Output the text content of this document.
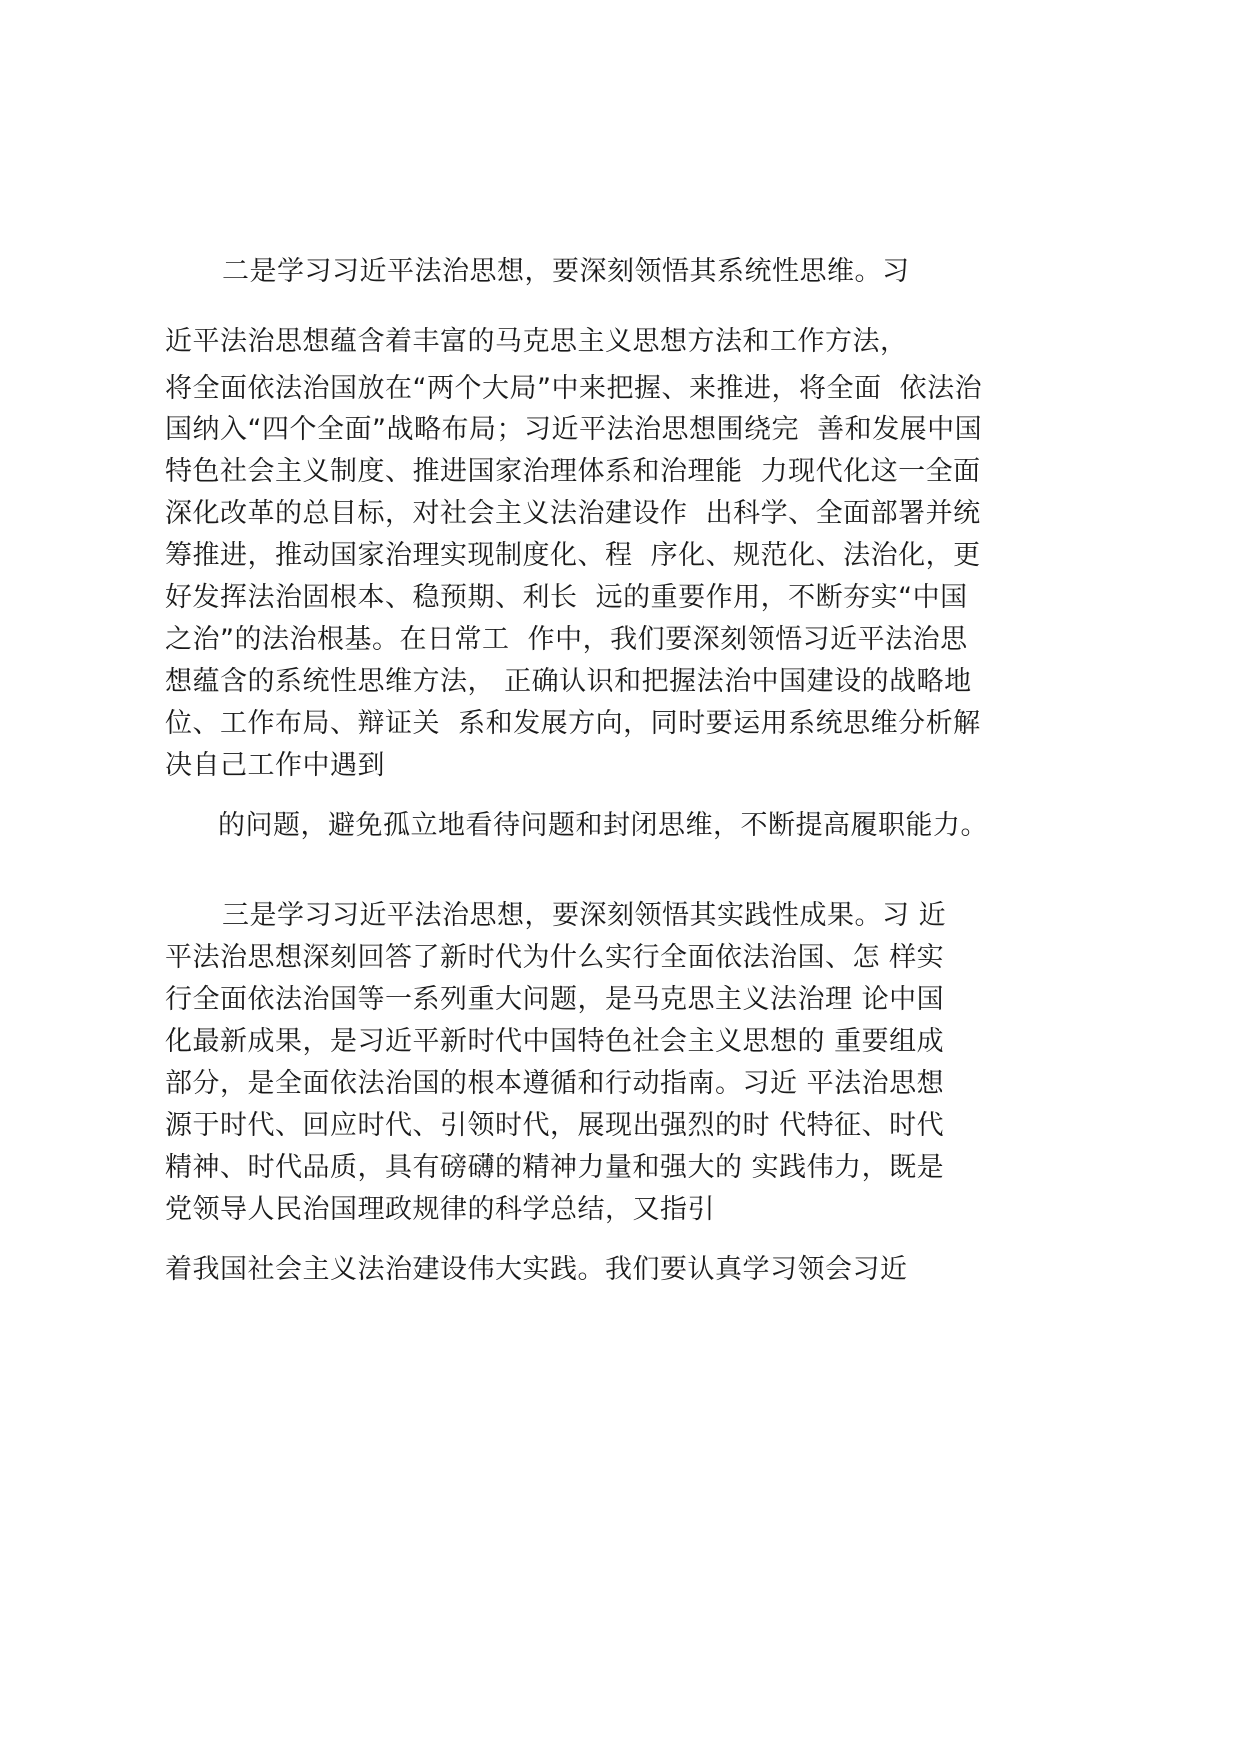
二是学习习近平法治思想，要深刻领悟其系统性思维。习
近平法治思想蕴含着丰富的马克思主义思想方法和工作方法，
将全面依法治国放在“两个大局”中来把握、来推进，将全面  依法治
国纳入“四个全面”战略布局；习近平法治思想围绕完  善和发展中国
特色社会主义制度、推进国家治理体系和治理能  力现代化这一全面
深化改革的总目标，对社会主义法治建设作  出科学、全面部署并统
筹推进，推动国家治理实现制度化、程  序化、规范化、法治化，更
好发挥法治固根本、稳预期、利长  远的重要作用，不断夯实“中国
之治”的法治根基。在日常工  作中，我们要深刻领悟习近平法治思
想蕴含的系统性思维方法， 正确认识和把握法治中国建设的战略地
位、工作布局、辩证关  系和发展方向，同时要运用系统思维分析解
决自己工作中遇到
的问题，避免孤立地看待问题和封闭思维，不断提高履职能力。
三是学习习近平法治思想，要深刻领悟其实践性成果。习 近
平法治思想深刻回答了新时代为什么实行全面依法治国、怎 样实
行全面依法治国等一系列重大问题，是马克思主义法治理 论中国
化最新成果，是习近平新时代中国特色社会主义思想的 重要组成
部分，是全面依法治国的根本遵循和行动指南。习近 平法治思想
源于时代、回应时代、引领时代，展现出强烈的时 代特征、时代
精神、时代品质，具有磅礴的精神力量和强大的 实践伟力，既是
党领导人民治国理政规律的科学总结，又指引
着我国社会主义法治建设伟大实践。我们要认真学习领会习近
